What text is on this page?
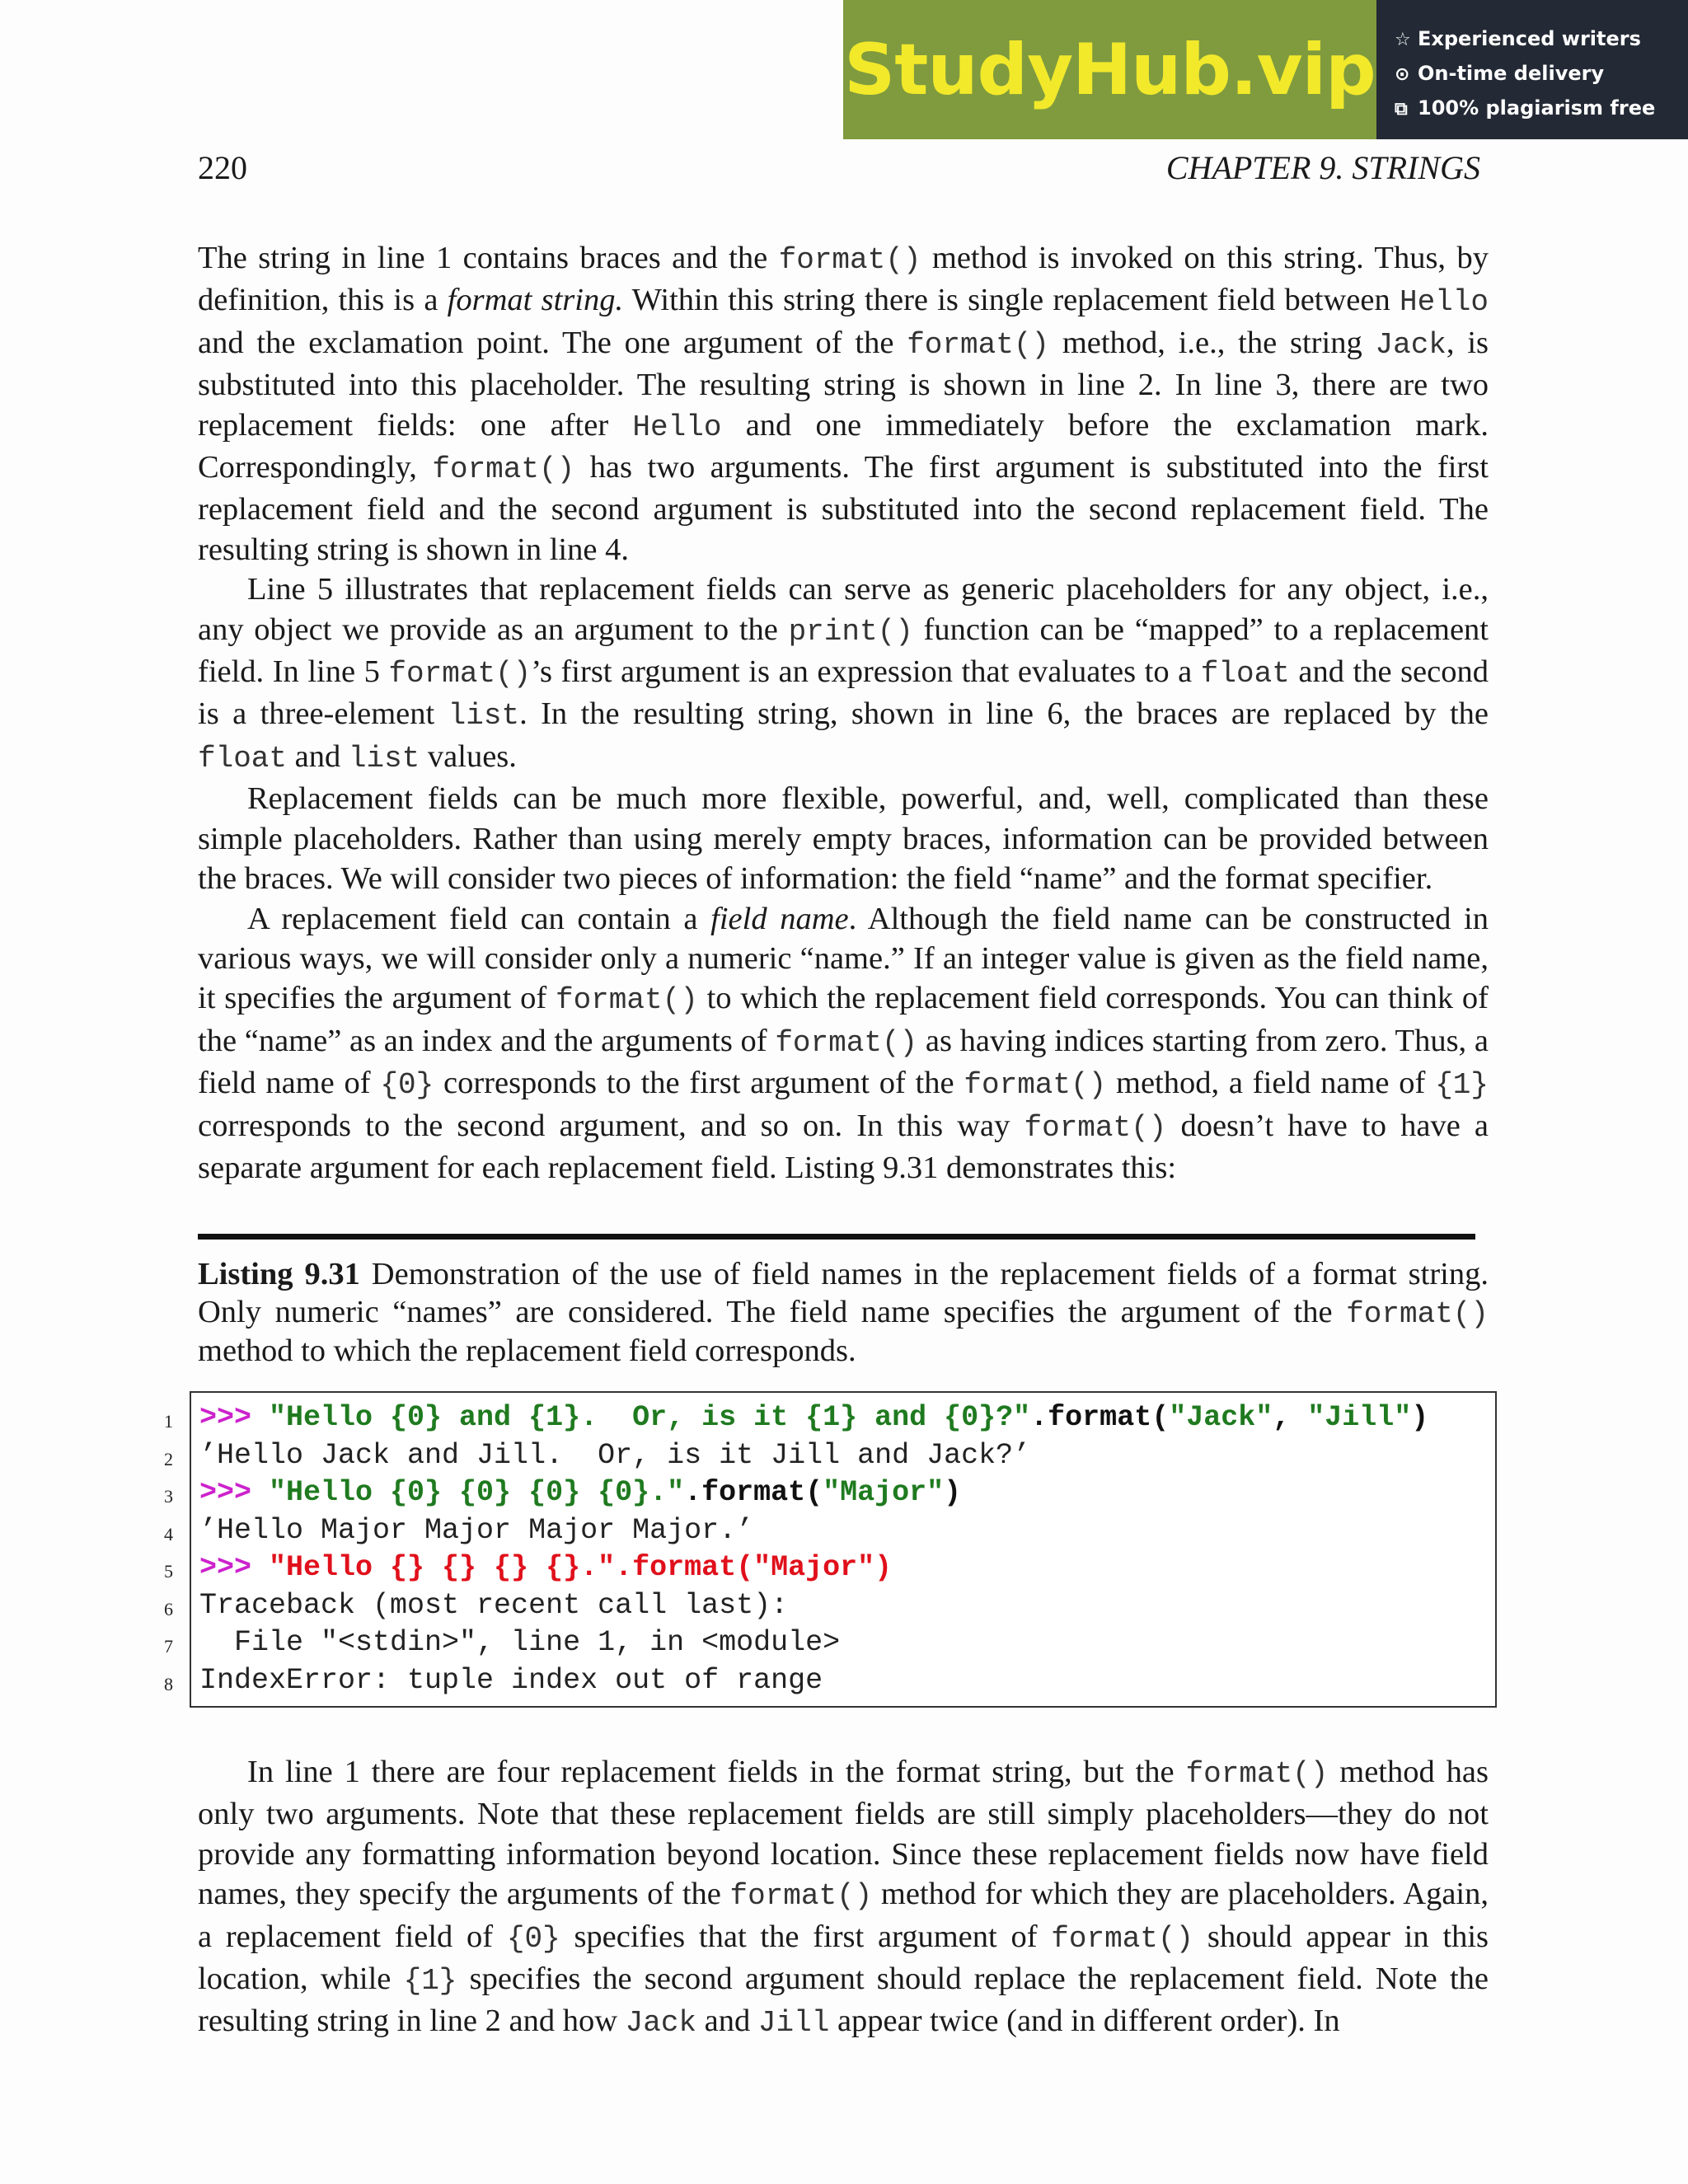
StudyHub.vip ☆ Experienced writers
⊙ On-time delivery
⧉ 100% plagiarism free
220	CHAPTER 9. STRINGS

The string in line 1 contains braces and the format() method is invoked on this string. Thus, by definition, this is a format string. Within this string there is single replacement field between Hello and the exclamation point. The one argument of the format() method, i.e., the string Jack, is substituted into this placeholder. The resulting string is shown in line 2. In line 3, there are two replacement fields: one after Hello and one immediately before the exclamation mark. Correspondingly, format() has two arguments. The first argument is substituted into the first replacement field and the second argument is substituted into the second replacement field. The resulting string is shown in line 4.

Line 5 illustrates that replacement fields can serve as generic placeholders for any object, i.e., any object we provide as an argument to the print() function can be “mapped” to a replacement field. In line 5 format()’s first argument is an expression that evaluates to a float and the second is a three-element list. In the resulting string, shown in line 6, the braces are replaced by the float and list values.

Replacement fields can be much more flexible, powerful, and, well, complicated than these simple placeholders. Rather than using merely empty braces, information can be provided between the braces. We will consider two pieces of information: the field “name” and the format specifier.

A replacement field can contain a field name. Although the field name can be constructed in various ways, we will consider only a numeric “name.” If an integer value is given as the field name, it specifies the argument of format() to which the replacement field corresponds. You can think of the “name” as an index and the arguments of format() as having indices starting from zero. Thus, a field name of {0} corresponds to the first argument of the format() method, a field name of {1} corresponds to the second argument, and so on. In this way format() doesn’t have to have a separate argument for each replacement field. Listing 9.31 demonstrates this:

Listing 9.31 Demonstration of the use of field names in the replacement fields of a format string. Only numeric “names” are considered. The field name specifies the argument of the format() method to which the replacement field corresponds.
1
2
3
4
5
6
7
8
>>> "Hello {0} and {1}.  Or, is it {1} and {0}?".format("Jack", "Jill")
’Hello Jack and Jill.  Or, is it Jill and Jack?’
>>> "Hello {0} {0} {0} {0}.".format("Major")
’Hello Major Major Major Major.’
>>> "Hello {} {} {} {}.".format("Major")
Traceback (most recent call last):
File "<stdin>", line 1, in <module>
IndexError: tuple index out of range

In line 1 there are four replacement fields in the format string, but the format() method has only two arguments. Note that these replacement fields are still simply placeholders—they do not provide any formatting information beyond location. Since these replacement fields now have field names, they specify the arguments of the format() method for which they are placeholders. Again, a replacement field of {0} specifies that the first argument of format() should appear in this location, while {1} specifies the second argument should replace the replacement field. Note the resulting string in line 2 and how Jack and Jill appear twice (and in different order). In
